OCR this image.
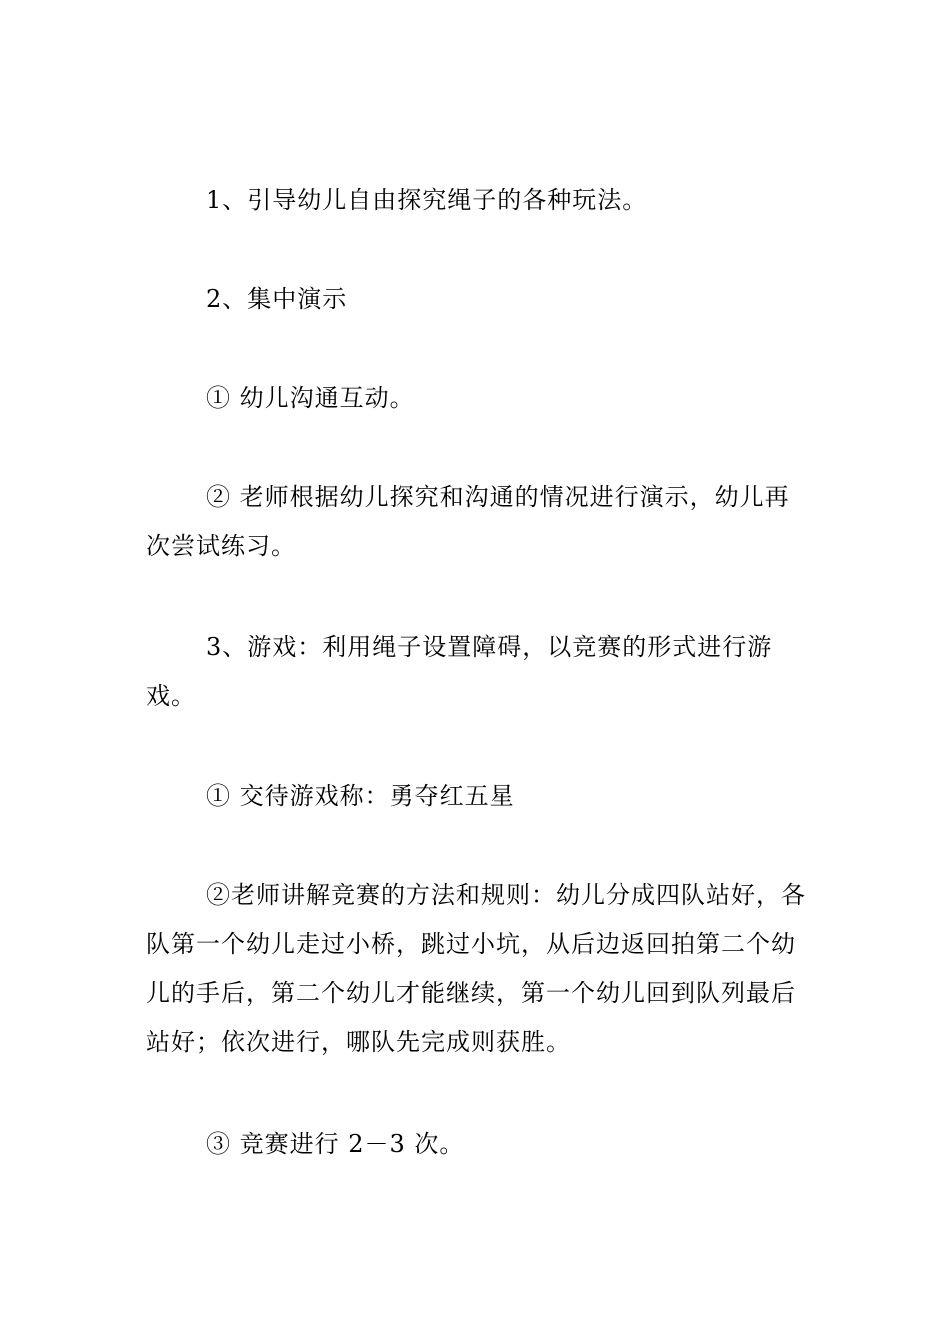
1、引导幼儿自由探究绳子的各种玩法。

2、集中演示

① 幼儿沟通互动。

② 老师根据幼儿探究和沟通的情况进行演示，幼儿再次尝试练习。

3、游戏：利用绳子设置障碍，以竞赛的形式进行游戏。

① 交待游戏称：勇夺红五星

②老师讲解竞赛的方法和规则：幼儿分成四队站好，各队第一个幼儿走过小桥，跳过小坑，从后边返回拍第二个幼儿的手后，第二个幼儿才能继续，第一个幼儿回到队列最后站好；依次进行，哪队先完成则获胜。

③ 竞赛进行 2－3 次。
